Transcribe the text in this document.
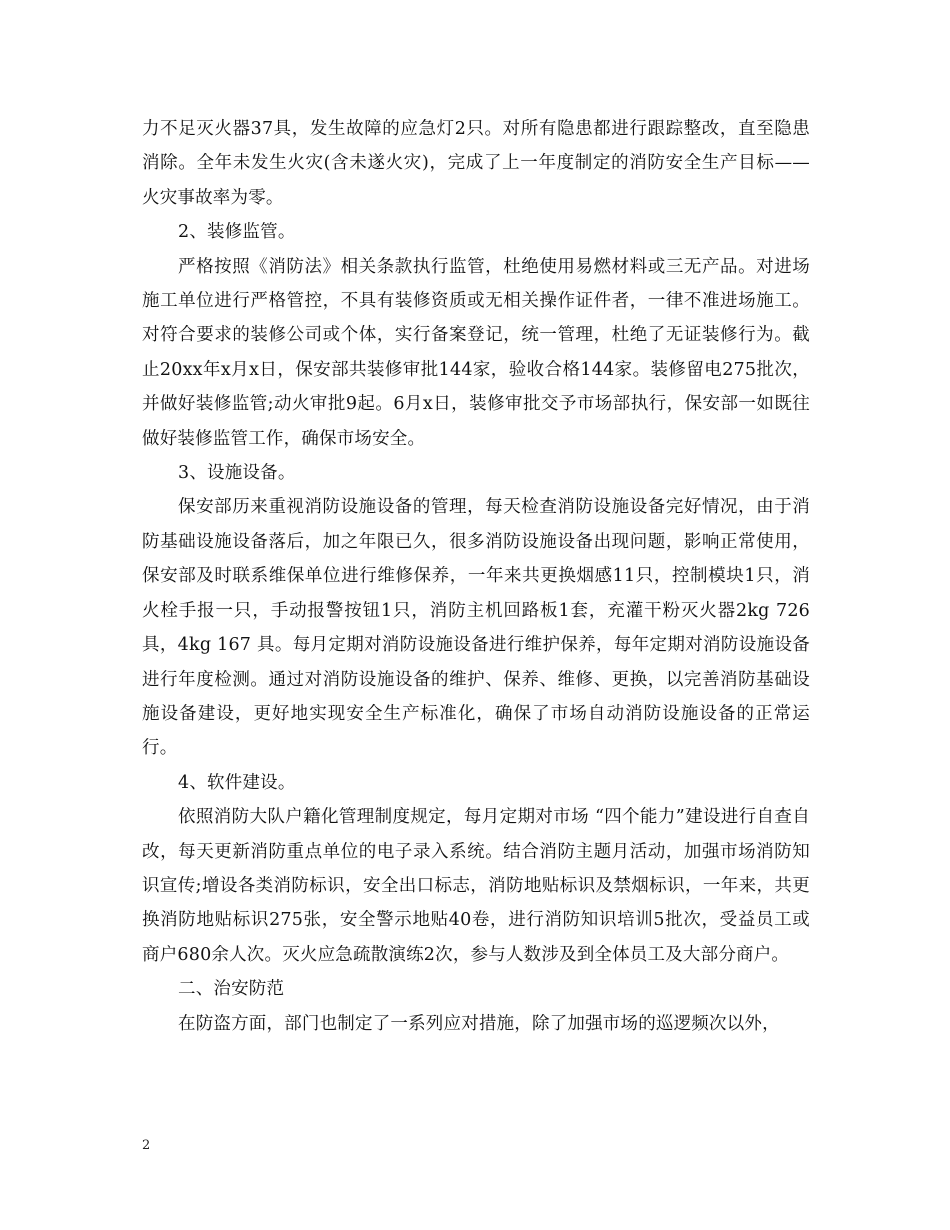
力不足灭火器37具，发生故障的应急灯2只。对所有隐患都进行跟踪整改，直至隐患消除。全年未发生火灾(含未遂火灾)，完成了上一年度制定的消防安全生产目标——火灾事故率为零。

2、装修监管。

严格按照《消防法》相关条款执行监管，杜绝使用易燃材料或三无产品。对进场施工单位进行严格管控，不具有装修资质或无相关操作证件者，一律不准进场施工。对符合要求的装修公司或个体，实行备案登记，统一管理，杜绝了无证装修行为。截止20xx年x月x日，保安部共装修审批144家，验收合格144家。装修留电275批次，并做好装修监管;动火审批9起。6月x日，装修审批交予市场部执行，保安部一如既往做好装修监管工作，确保市场安全。

3、设施设备。

保安部历来重视消防设施设备的管理，每天检查消防设施设备完好情况，由于消防基础设施设备落后，加之年限已久，很多消防设施设备出现问题，影响正常使用，保安部及时联系维保单位进行维修保养，一年来共更换烟感11只，控制模块1只，消火栓手报一只，手动报警按钮1只，消防主机回路板1套，充灌干粉灭火器2kg 726 具，4kg 167 具。每月定期对消防设施设备进行维护保养，每年定期对消防设施设备进行年度检测。通过对消防设施设备的维护、保养、维修、更换，以完善消防基础设施设备建设，更好地实现安全生产标准化，确保了市场自动消防设施设备的正常运行。

4、软件建设。

依照消防大队户籍化管理制度规定，每月定期对市场 “四个能力”建设进行自查自改，每天更新消防重点单位的电子录入系统。结合消防主题月活动，加强市场消防知识宣传;增设各类消防标识，安全出口标志，消防地贴标识及禁烟标识，一年来，共更换消防地贴标识275张，安全警示地贴40卷，进行消防知识培训5批次，受益员工或商户680余人次。灭火应急疏散演练2次，参与人数涉及到全体员工及大部分商户。

二、治安防范

在防盗方面，部门也制定了一系列应对措施，除了加强市场的巡逻频次以外，

2
